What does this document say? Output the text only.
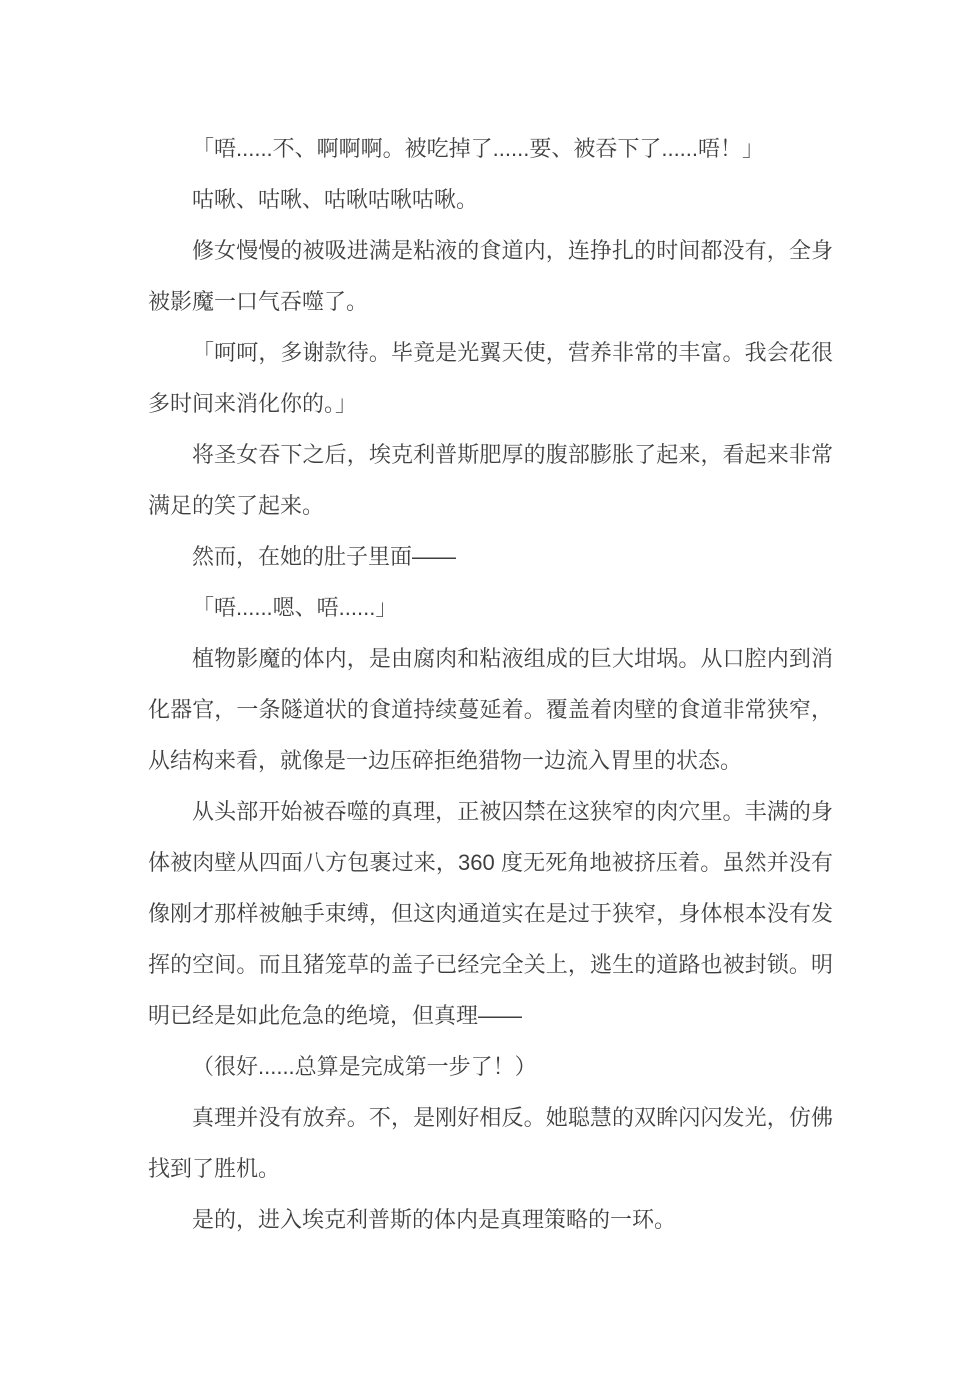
「唔......不、啊啊啊。被吃掉了......要、被吞下了......唔！」

咕啾、咕啾、咕啾咕啾咕啾。

修女慢慢的被吸进满是粘液的食道内，连挣扎的时间都没有，全身被影魔一口气吞噬了。

「呵呵，多谢款待。毕竟是光翼天使，营养非常的丰富。我会花很多时间来消化你的。」

将圣女吞下之后，埃克利普斯肥厚的腹部膨胀了起来，看起来非常满足的笑了起来。

然而，在她的肚子里面——

「唔......嗯、唔......」

植物影魔的体内，是由腐肉和粘液组成的巨大坩埚。从口腔内到消化器官，一条隧道状的食道持续蔓延着。覆盖着肉壁的食道非常狭窄，从结构来看，就像是一边压碎拒绝猎物一边流入胃里的状态。

从头部开始被吞噬的真理，正被囚禁在这狭窄的肉穴里。丰满的身体被肉壁从四面八方包裹过来，360 度无死角地被挤压着。虽然并没有像刚才那样被触手束缚，但这肉通道实在是过于狭窄，身体根本没有发挥的空间。而且猪笼草的盖子已经完全关上，逃生的道路也被封锁。明明已经是如此危急的绝境，但真理——

（很好......总算是完成第一步了！）

真理并没有放弃。不，是刚好相反。她聪慧的双眸闪闪发光，仿佛找到了胜机。

是的，进入埃克利普斯的体内是真理策略的一环。
